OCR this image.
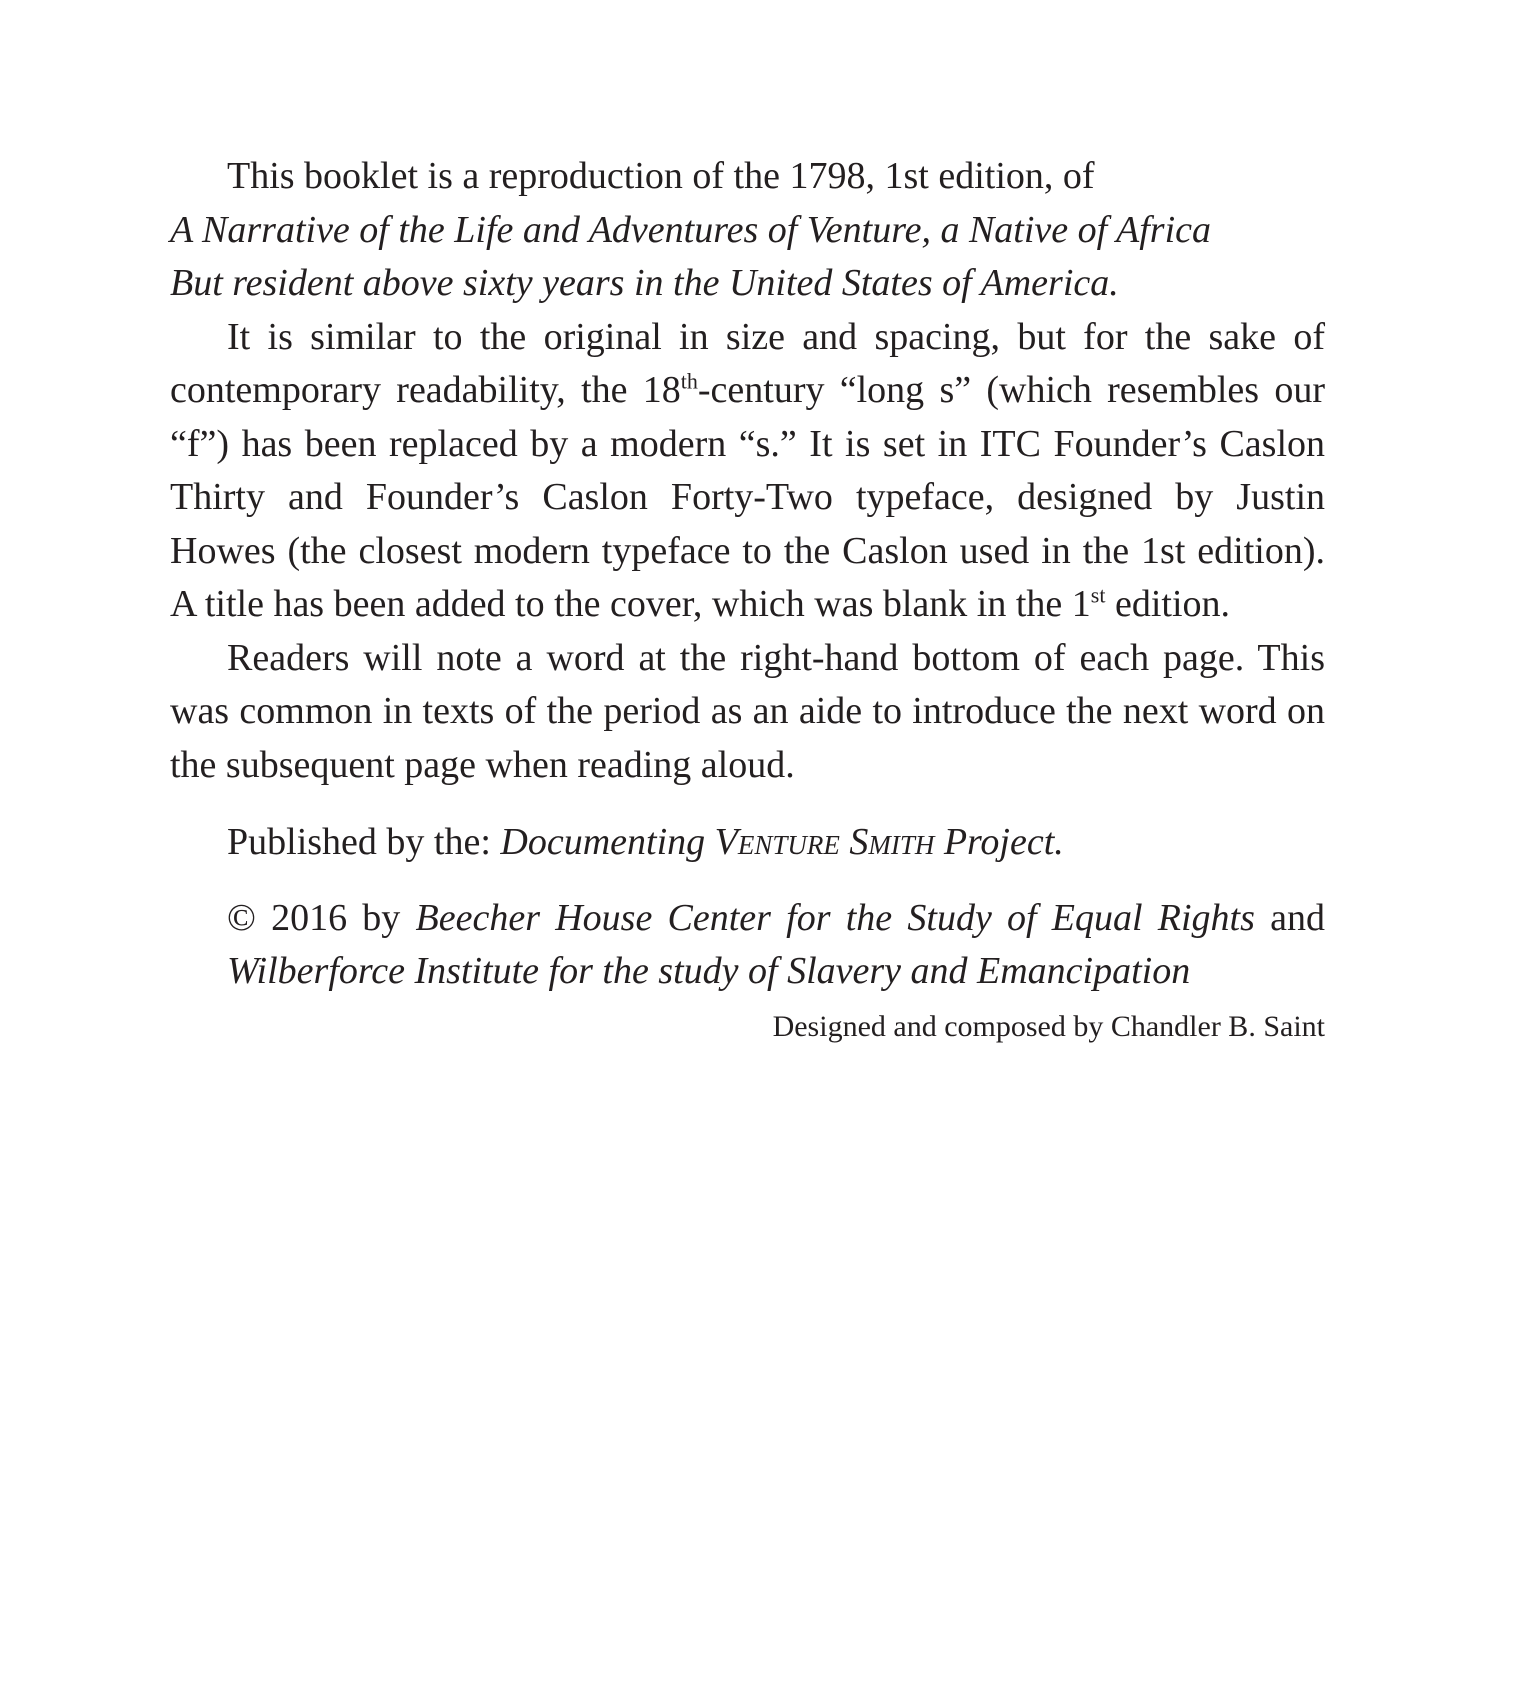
This booklet is a reproduction of the 1798, 1st edition, of
A Narrative of the Life and Adventures of Venture, a Native of Africa
But resident above sixty years in the United States of America.

It is similar to the original in size and spacing, but for the sake of contemporary readability, the 18th-century “long s” (which resembles our “f”) has been replaced by a modern “s.” It is set in ITC Founder’s Caslon Thirty and Founder’s Caslon Forty-Two typeface, designed by Justin Howes (the closest modern typeface to the Caslon used in the 1st edition). A title has been added to the cover, which was blank in the 1st edition.

Readers will note a word at the right-hand bottom of each page. This was common in texts of the period as an aide to introduce the next word on the subsequent page when reading aloud.

Published by the: Documenting Venture Smith Project.

© 2016 by Beecher House Center for the Study of Equal Rights and Wilberforce Institute for the study of Slavery and Emancipation

Designed and composed by Chandler B. Saint
